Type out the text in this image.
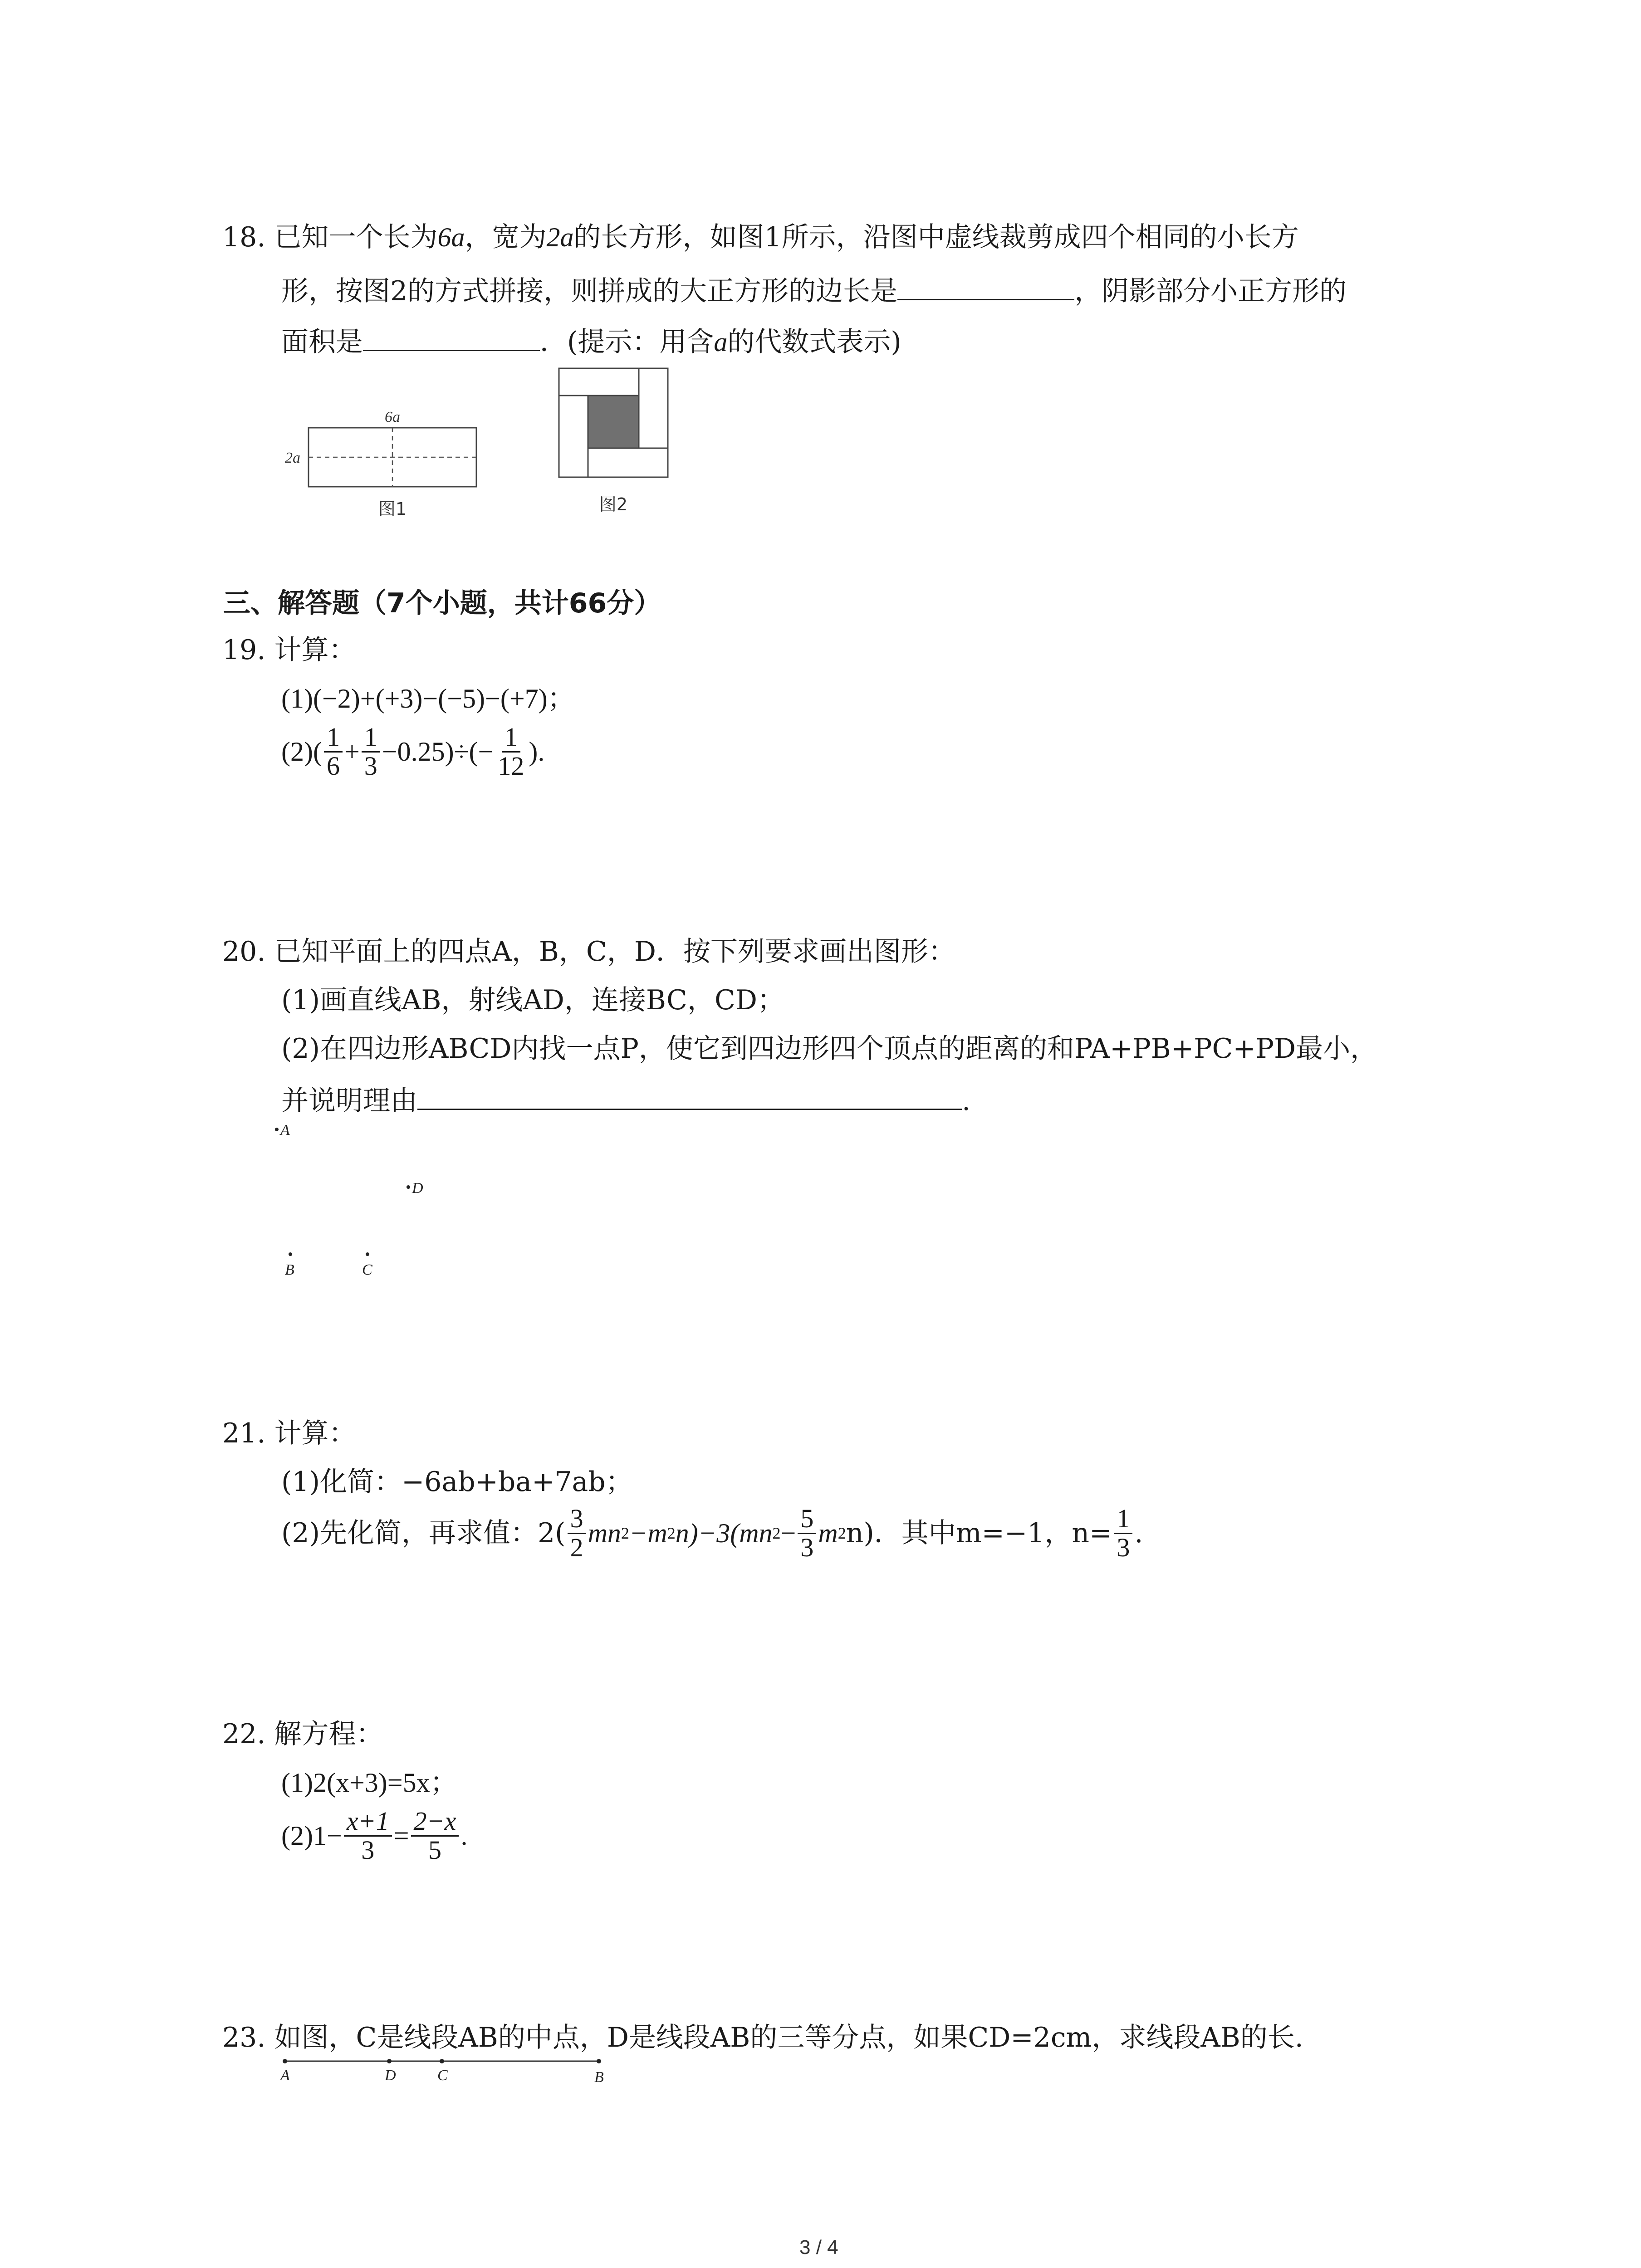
18. 已知一个长为6a，宽为2a的长方形，如图1所示，沿图中虚线裁剪成四个相同的小长方
形，按图2的方式拼接，则拼成的大正方形的边长是	，阴影部分小正方形的
面积是	．(提示：用含a的代数式表示)
6a
2a
图1	图2
三、解答题（7个小题，共计66分）
19. 计算：
(1)(−2)+(+3)−(−5)−(+7)；
$(2)( \frac{1}{6} + \frac{1}{3} -0.25)\div(- \frac{1}{12}$ ).
20. 已知平面上的四点A，B，C，D．按下列要求画出图形：
(1)画直线AB，射线AD，连接BC，CD；
(2)在四边形ABCD内找一点P，使它到四边形四个顶点的距离的和PA+PB+PC+PD最小，
并说明理由	.
A
D
B	C
21. 计算：
(1)化简：−6ab+ba+7ab；
(2)先化简，再求值：$2( \frac{3}{2}$ mn 2 −m 2 n)−3(mn $2 - \frac{5}{3}$ m 2 n)．其中m=−1，$n= \frac{1}{3}$ .
22. 解方程：
(1)2(x+3)=5x；
$(2)1- \frac{x+1}{3} = \frac{2-x}{5}$ .
23. 如图，C是线段AB的中点，D是线段AB的三等分点，如果CD=2cm，求线段AB的长.
A	D	C	B
3 / 4
